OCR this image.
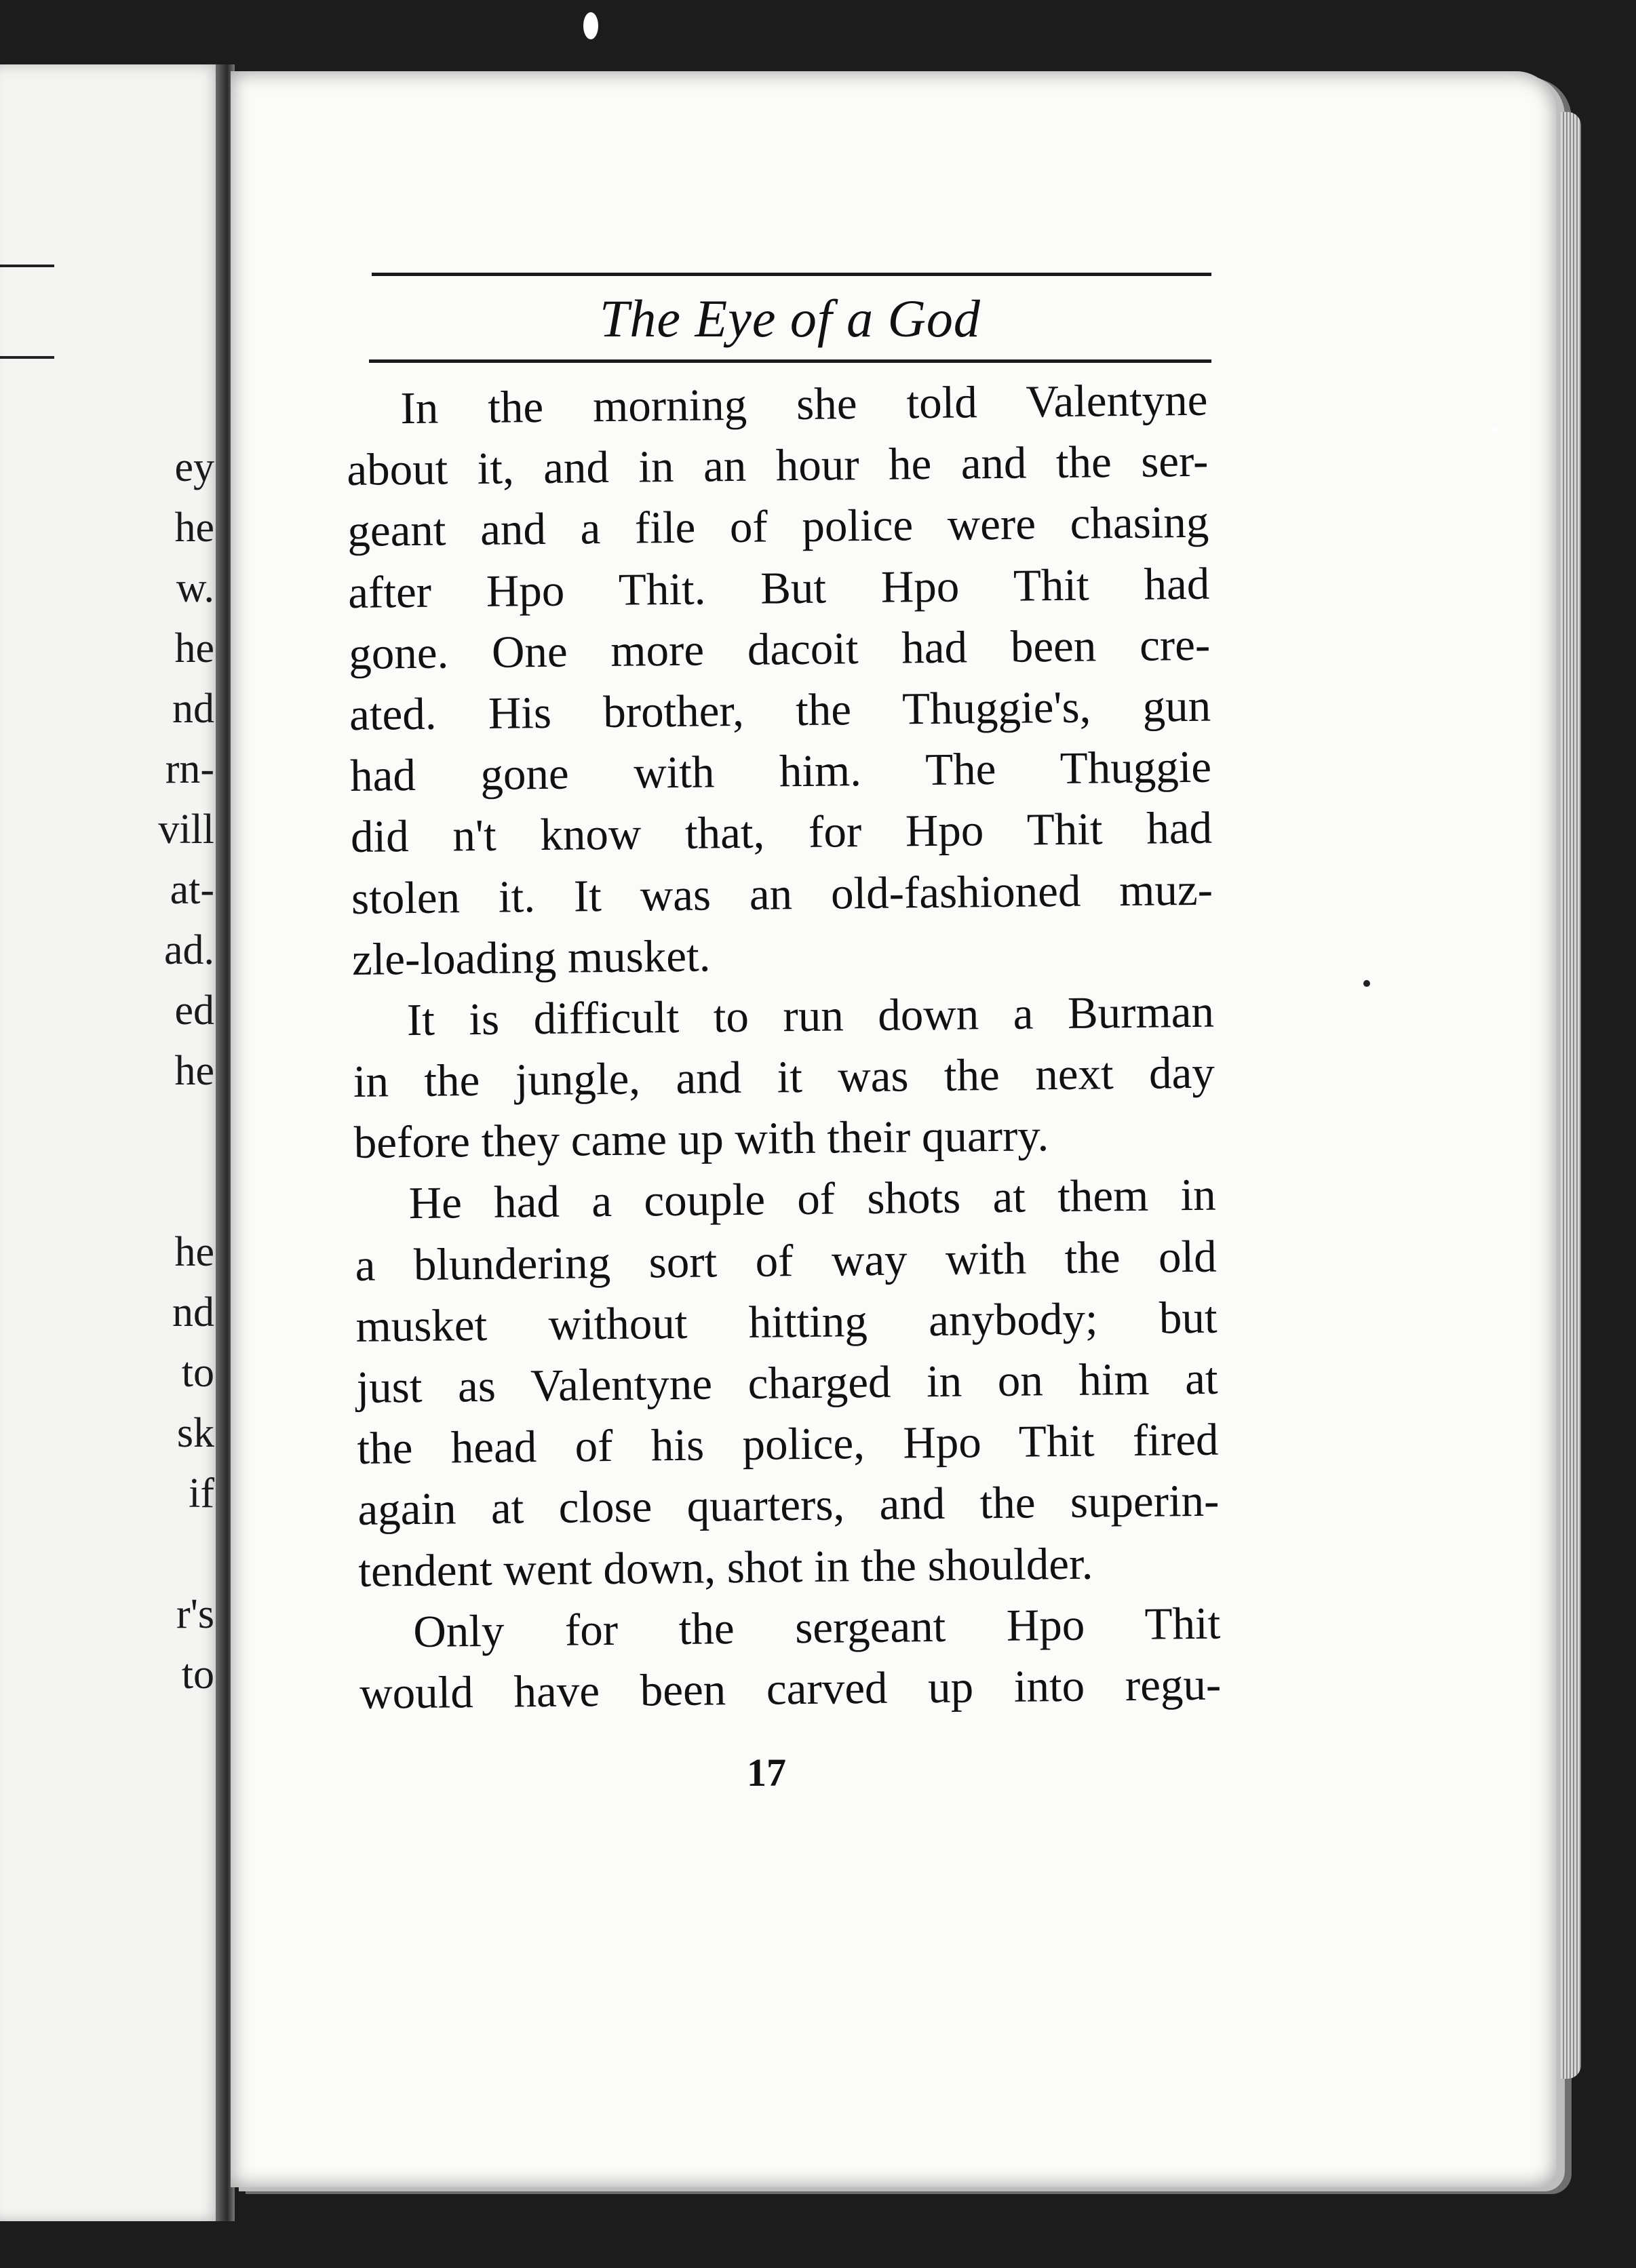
ey
he
w.
he
nd
rn-
vill
at-
ad.
ed
he
he
nd
to
sk
if
r's
to
The Eye of a God
In the morning she told Valentyne
about it, and in an hour he and the ser-
geant and a file of police were chasing
after Hpo Thit. But Hpo Thit had
gone. One more dacoit had been cre-
ated. His brother, the Thuggie's, gun
had gone with him. The Thuggie
did n't know that, for Hpo Thit had
stolen it. It was an old-fashioned muz-
zle-loading musket.
It is difficult to run down a Burman
in the jungle, and it was the next day
before they came up with their quarry.
He had a couple of shots at them in
a blundering sort of way with the old
musket without hitting anybody; but
just as Valentyne charged in on him at
the head of his police, Hpo Thit fired
again at close quarters, and the superin-
tendent went down, shot in the shoulder.
Only for the sergeant Hpo Thit
would have been carved up into regu-
17
